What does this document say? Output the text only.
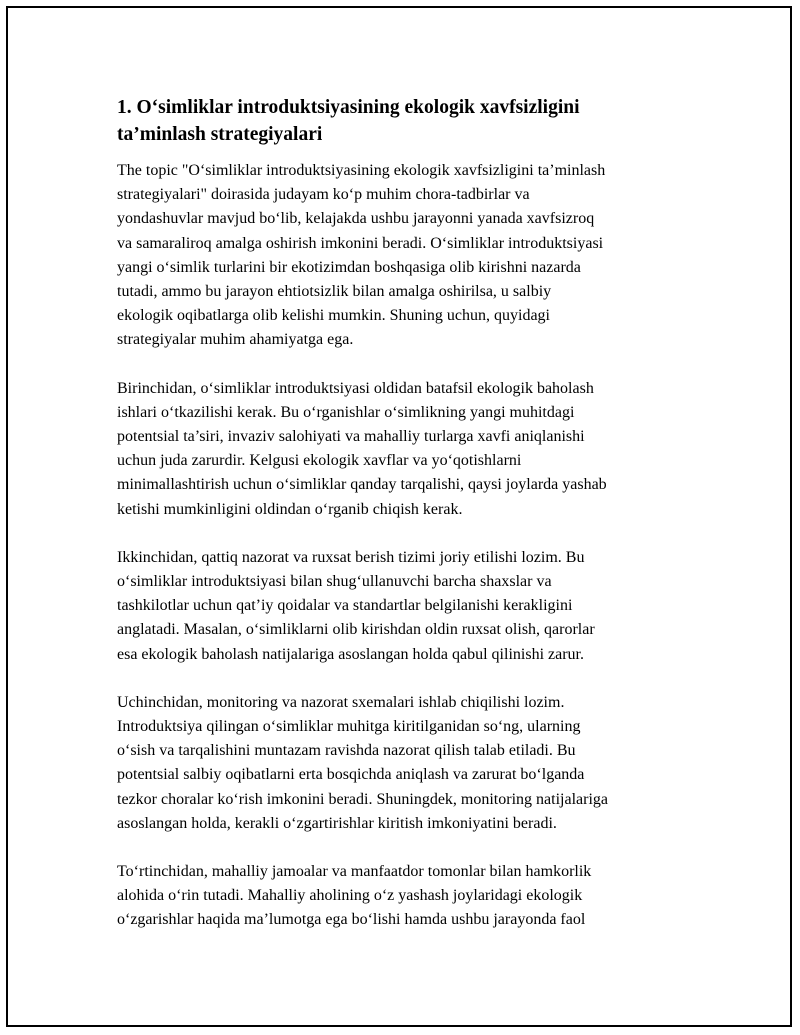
1. O‘simliklar introduktsiyasining ekologik xavfsizligini
ta’minlash strategiyalari

The topic "O‘simliklar introduktsiyasining ekologik xavfsizligini ta’minlash
strategiyalari" doirasida judayam ko‘p muhim chora-tadbirlar va
yondashuvlar mavjud bo‘lib, kelajakda ushbu jarayonni yanada xavfsizroq
va samaraliroq amalga oshirish imkonini beradi. O‘simliklar introduktsiyasi
yangi o‘simlik turlarini bir ekotizimdan boshqasiga olib kirishni nazarda
tutadi, ammo bu jarayon ehtiotsizlik bilan amalga oshirilsa, u salbiy
ekologik oqibatlarga olib kelishi mumkin. Shuning uchun, quyidagi
strategiyalar muhim ahamiyatga ega.

Birinchidan, o‘simliklar introduktsiyasi oldidan batafsil ekologik baholash
ishlari o‘tkazilishi kerak. Bu o‘rganishlar o‘simlikning yangi muhitdagi
potentsial ta’siri, invaziv salohiyati va mahalliy turlarga xavfi aniqlanishi
uchun juda zarurdir. Kelgusi ekologik xavflar va yo‘qotishlarni
minimallashtirish uchun o‘simliklar qanday tarqalishi, qaysi joylarda yashab
ketishi mumkinligini oldindan o‘rganib chiqish kerak.

Ikkinchidan, qattiq nazorat va ruxsat berish tizimi joriy etilishi lozim. Bu
o‘simliklar introduktsiyasi bilan shug‘ullanuvchi barcha shaxslar va
tashkilotlar uchun qat’iy qoidalar va standartlar belgilanishi kerakligini
anglatadi. Masalan, o‘simliklarni olib kirishdan oldin ruxsat olish, qarorlar
esa ekologik baholash natijalariga asoslangan holda qabul qilinishi zarur.

Uchinchidan, monitoring va nazorat sxemalari ishlab chiqilishi lozim.
Introduktsiya qilingan o‘simliklar muhitga kiritilganidan so‘ng, ularning
o‘sish va tarqalishini muntazam ravishda nazorat qilish talab etiladi. Bu
potentsial salbiy oqibatlarni erta bosqichda aniqlash va zarurat bo‘lganda
tezkor choralar ko‘rish imkonini beradi. Shuningdek, monitoring natijalariga
asoslangan holda, kerakli o‘zgartirishlar kiritish imkoniyatini beradi.

To‘rtinchidan, mahalliy jamoalar va manfaatdor tomonlar bilan hamkorlik
alohida o‘rin tutadi. Mahalliy aholining o‘z yashash joylaridagi ekologik
o‘zgarishlar haqida ma’lumotga ega bo‘lishi hamda ushbu jarayonda faol
